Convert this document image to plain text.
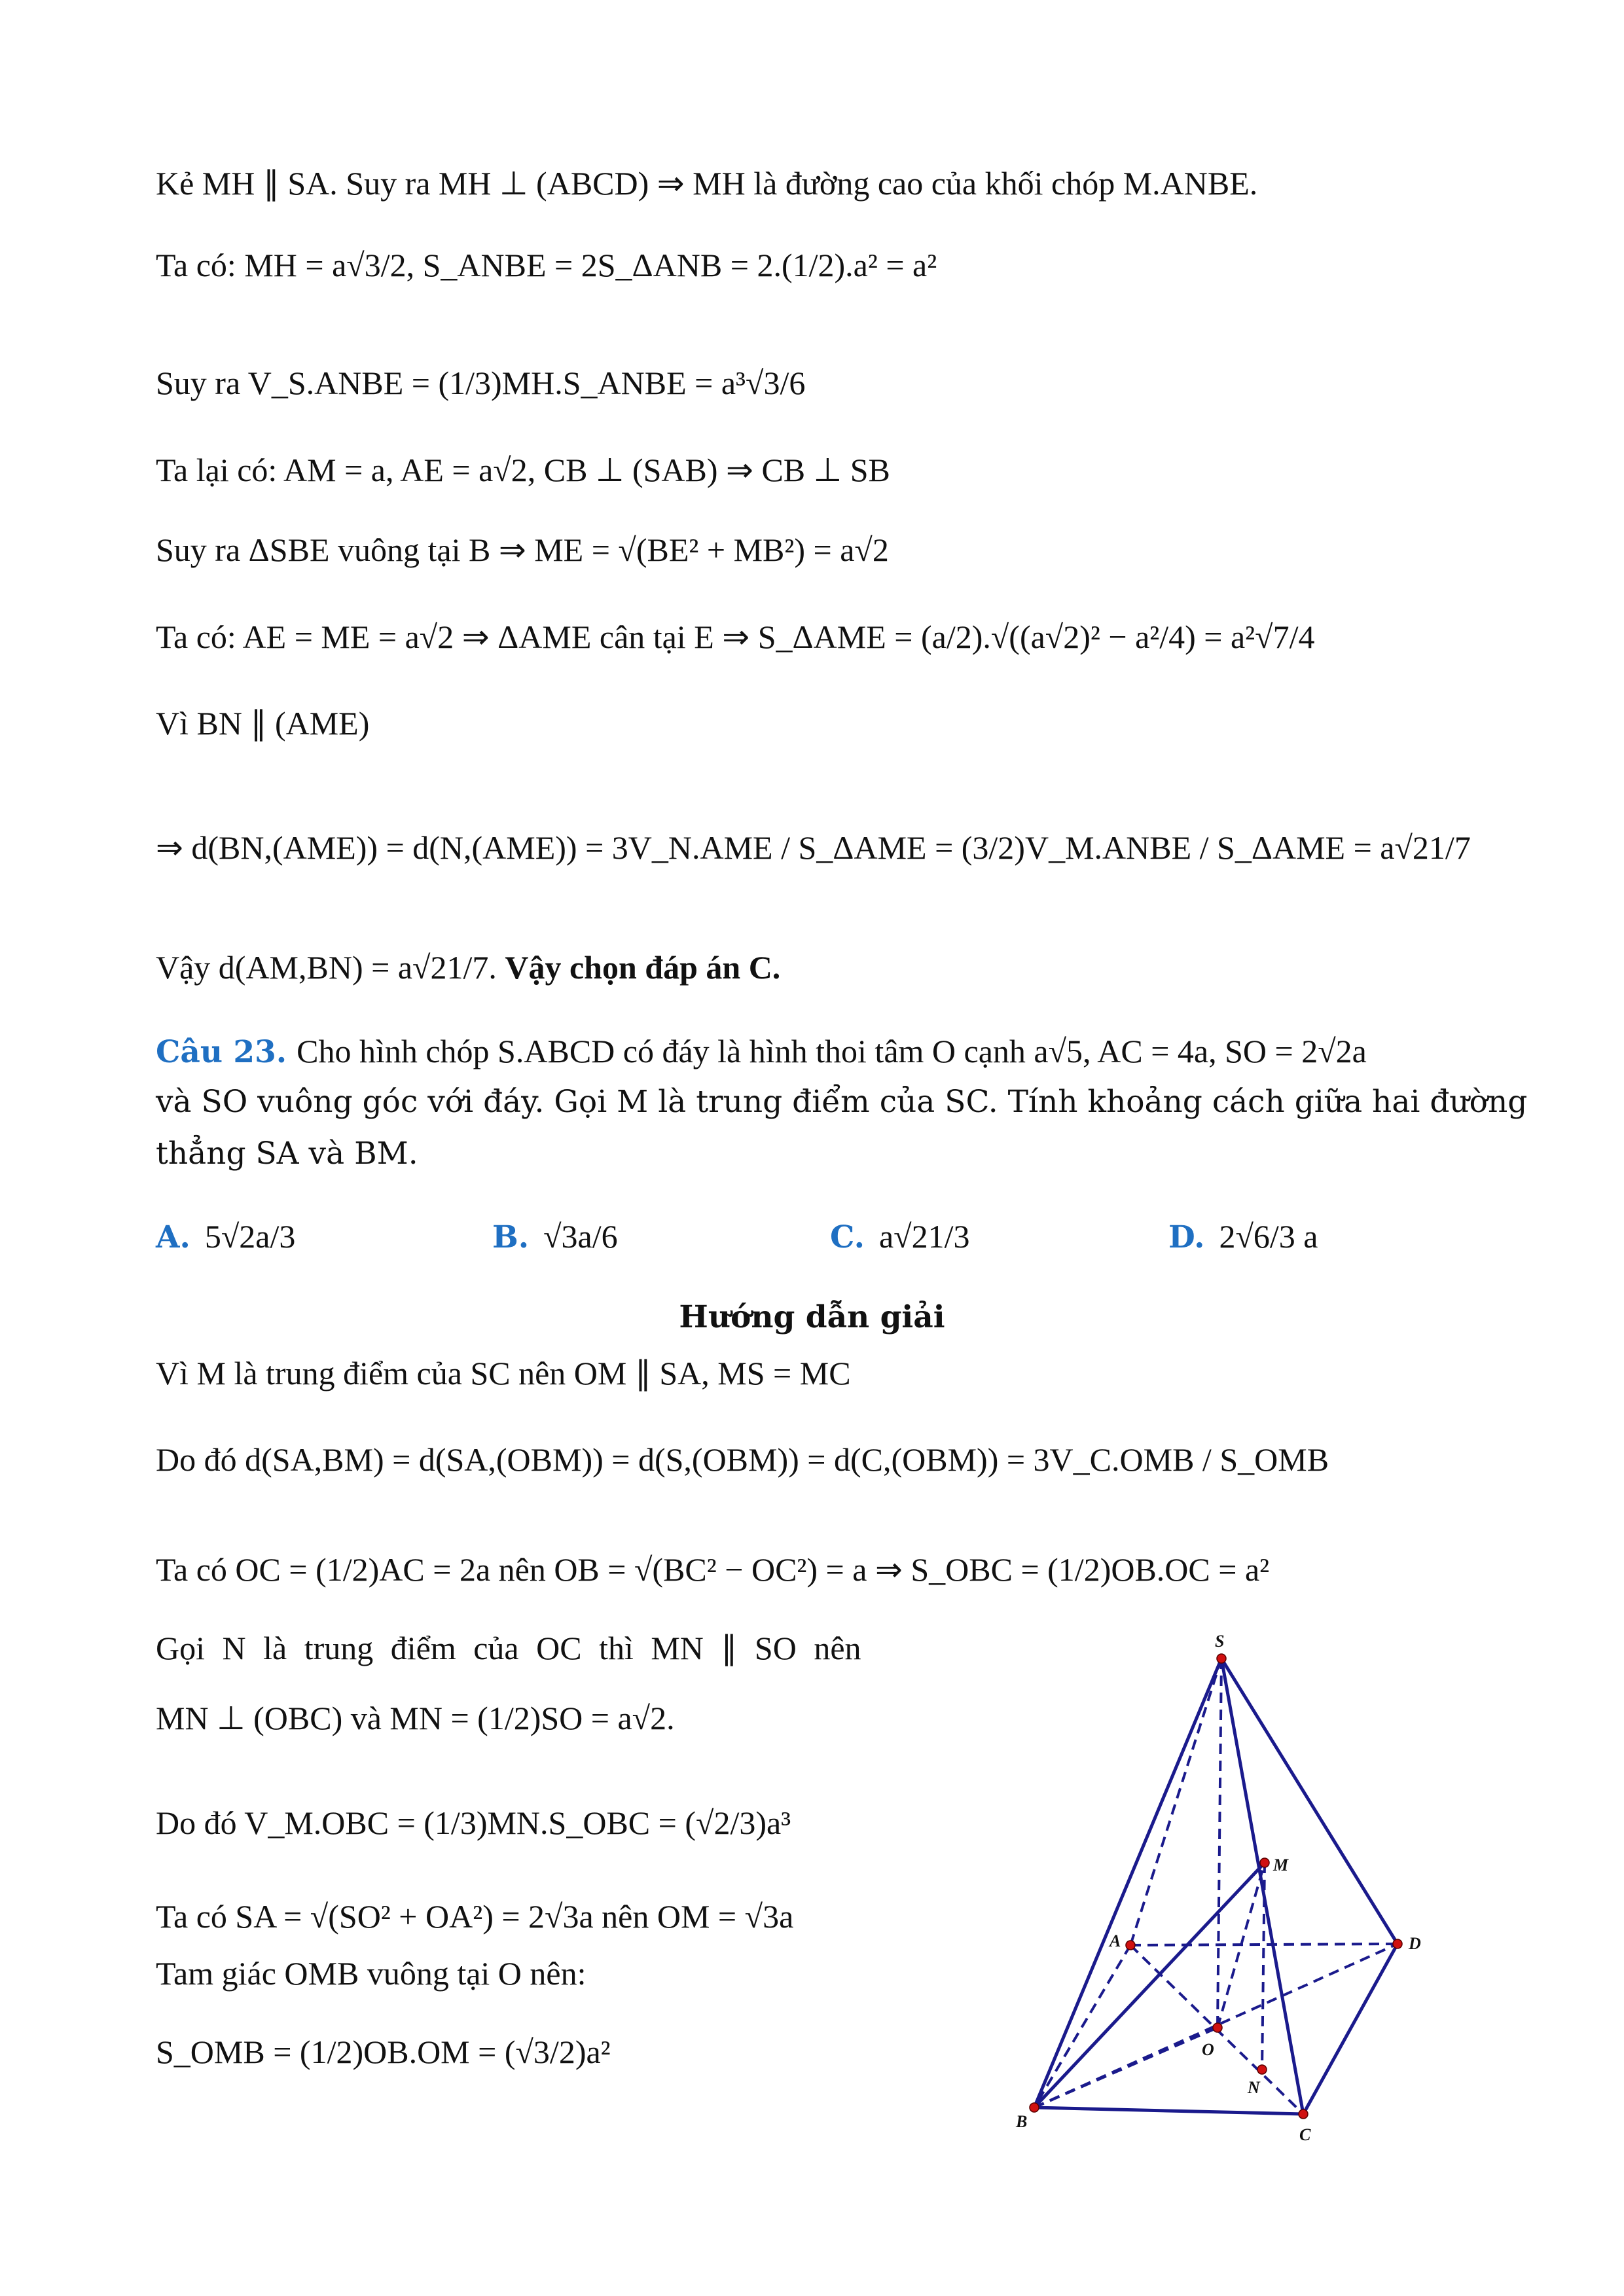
Kẻ MH ∥ SA. Suy ra MH ⊥ (ABCD) ⇒ MH là đường cao của khối chóp M.ANBE.
Ta có: MH = a√3/2, S_ANBE = 2S_ΔANB = 2.(1/2).a² = a²
Suy ra V_S.ANBE = (1/3)MH.S_ANBE = a³√3/6
Ta lại có: AM = a, AE = a√2, CB ⊥ (SAB) ⇒ CB ⊥ SB
Suy ra ΔSBE vuông tại B ⇒ ME = √(BE² + MB²) = a√2
Ta có: AE = ME = a√2 ⇒ ΔAME cân tại E ⇒ S_ΔAME = (a/2).√((a√2)² − a²/4) = a²√7/4
Vì BN ∥ (AME)
⇒ d(BN,(AME)) = d(N,(AME)) = 3V_N.AME / S_ΔAME = (3/2)V_M.ANBE / S_ΔAME = a√21/7
Vậy d(AM,BN) = a√21/7. Vậy chọn đáp án C.
Câu 23. Cho hình chóp S.ABCD có đáy là hình thoi tâm O cạnh a√5, AC = 4a, SO = 2√2a
và SO vuông góc với đáy. Gọi M là trung điểm của SC. Tính khoảng cách giữa hai đường
thẳng SA và BM.
A. 5√2a/3	B. √3a/6	C. a√21/3	D. 2√6/3 a
Hướng dẫn giải
Vì M là trung điểm của SC nên OM ∥ SA, MS = MC
Do đó d(SA,BM) = d(SA,(OBM)) = d(S,(OBM)) = d(C,(OBM)) = 3V_C.OMB / S_OMB
Ta có OC = (1/2)AC = 2a nên OB = √(BC² − OC²) = a ⇒ S_OBC = (1/2)OB.OC = a²
Gọi N là trung điểm của OC thì MN ∥ SO nên
MN ⊥ (OBC) và MN = (1/2)SO = a√2.
Do đó V_M.OBC = (1/3)MN.S_OBC = (√2/3)a³
Ta có SA = √(SO² + OA²) = 2√3a nên OM = √3a
Tam giác OMB vuông tại O nên:
S_OMB = (1/2)OB.OM = (√3/2)a²
S
M
A	D
O
N
B
C
